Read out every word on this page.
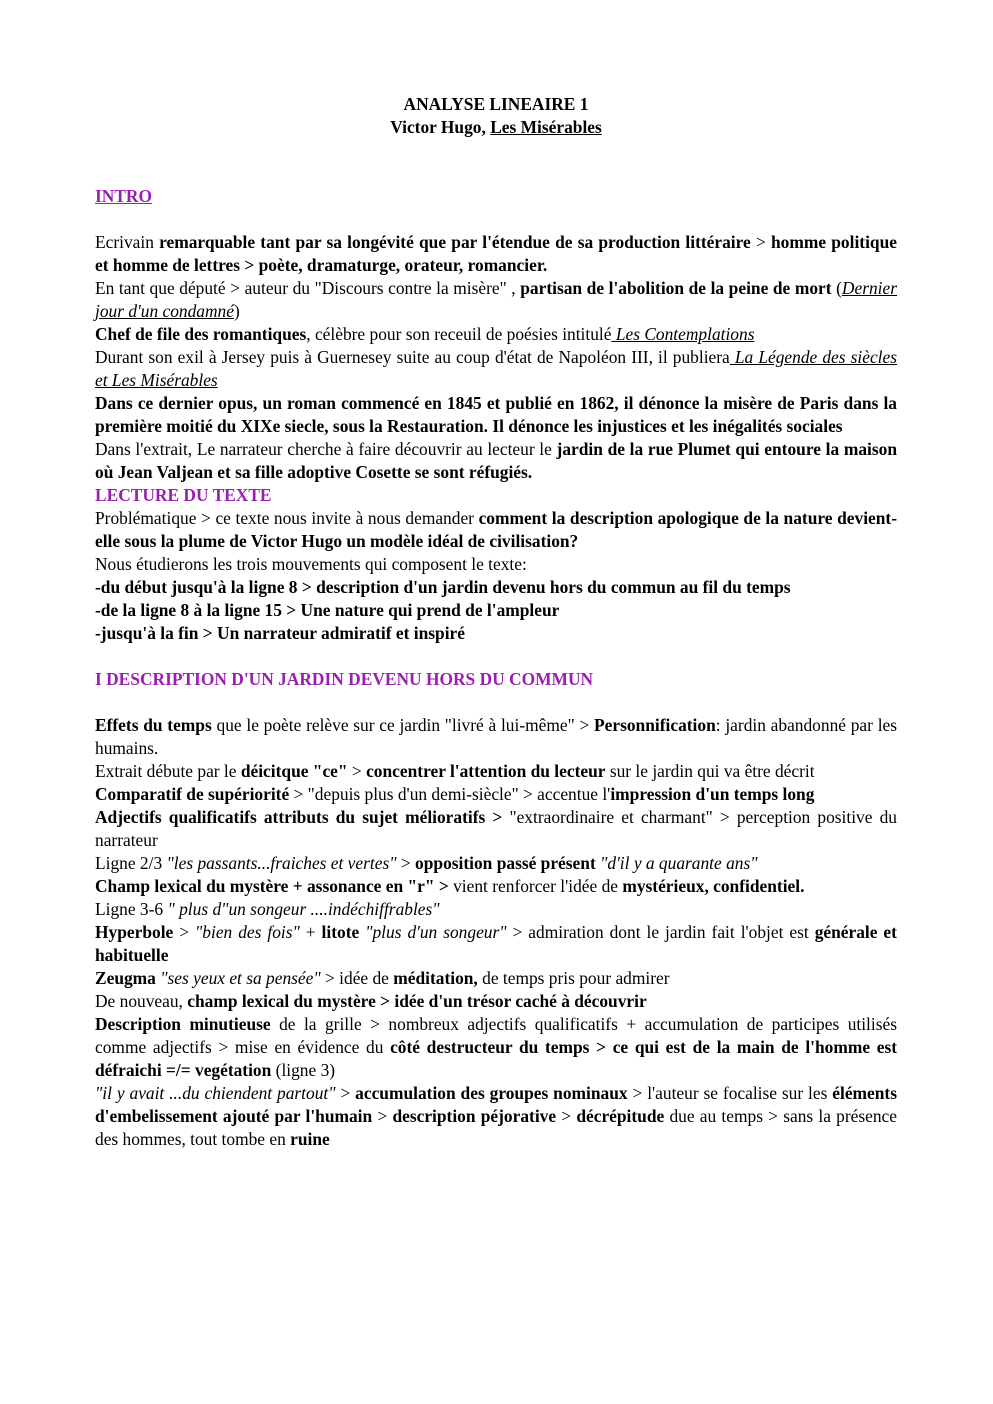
ANALYSE LINEAIRE 1
Victor Hugo, Les Misérables
INTRO

Ecrivain remarquable tant par sa longévité que par l'étendue de sa production littéraire > homme politique et homme de lettres > poète, dramaturge, orateur, romancier.

En tant que député > auteur du "Discours contre la misère" , partisan de l'abolition de la peine de mort (Dernier jour d'un condamné)

Chef de file des romantiques, célèbre pour son receuil de poésies intitulé Les Contemplations

Durant son exil à Jersey puis à Guernesey suite au coup d'état de Napoléon III, il publiera La Légende des siècles et Les Misérables

Dans ce dernier opus, un roman commencé en 1845 et publié en 1862, il dénonce la misère de Paris dans la première moitié du XIXe siecle, sous la Restauration. Il dénonce les injustices et les inégalités sociales

Dans l'extrait, Le narrateur cherche à faire découvrir au lecteur le jardin de la rue Plumet qui entoure la maison où Jean Valjean et sa fille adoptive Cosette se sont réfugiés.

LECTURE DU TEXTE

Problématique > ce texte nous invite à nous demander comment la description apologique de la nature devient-elle sous la plume de Victor Hugo un modèle idéal de civilisation?

Nous étudierons les trois mouvements qui composent le texte:

-du début jusqu'à la ligne 8 > description d'un jardin devenu hors du commun au fil du temps

-de la ligne 8 à la ligne 15 > Une nature qui prend de l'ampleur

-jusqu'à la fin > Un narrateur admiratif et inspiré

I DESCRIPTION D'UN JARDIN DEVENU HORS DU COMMUN

Effets du temps que le poète relève sur ce jardin "livré à lui-même" > Personnification: jardin abandonné par les humains.

Extrait débute par le déicitque "ce" > concentrer l'attention du lecteur sur le jardin qui va être décrit

Comparatif de supériorité > "depuis plus d'un demi-siècle" > accentue l'impression d'un temps long

Adjectifs qualificatifs attributs du sujet mélioratifs > "extraordinaire et charmant" > perception positive du narrateur

Ligne 2/3 "les passants...fraiches et vertes" > opposition passé présent "d'il y a quarante ans"

Champ lexical du mystère + assonance en "r" > vient renforcer l'idée de mystérieux, confidentiel.

Ligne 3-6 " plus d"un songeur ....indéchiffrables"

Hyperbole > "bien des fois" + litote "plus d'un songeur" > admiration dont le jardin fait l'objet est générale et habituelle

Zeugma "ses yeux et sa pensée" > idée de méditation, de temps pris pour admirer

De nouveau, champ lexical du mystère > idée d'un trésor caché à découvrir

Description minutieuse de la grille > nombreux adjectifs qualificatifs + accumulation de participes utilisés comme adjectifs > mise en évidence du côté destructeur du temps > ce qui est de la main de l'homme est défraichi =/= vegétation (ligne 3)

"il y avait ...du chiendent partout" > accumulation des groupes nominaux > l'auteur se focalise sur les éléments d'embelissement ajouté par l'humain > description péjorative > décrépitude due au temps > sans la présence des hommes, tout tombe en ruine
